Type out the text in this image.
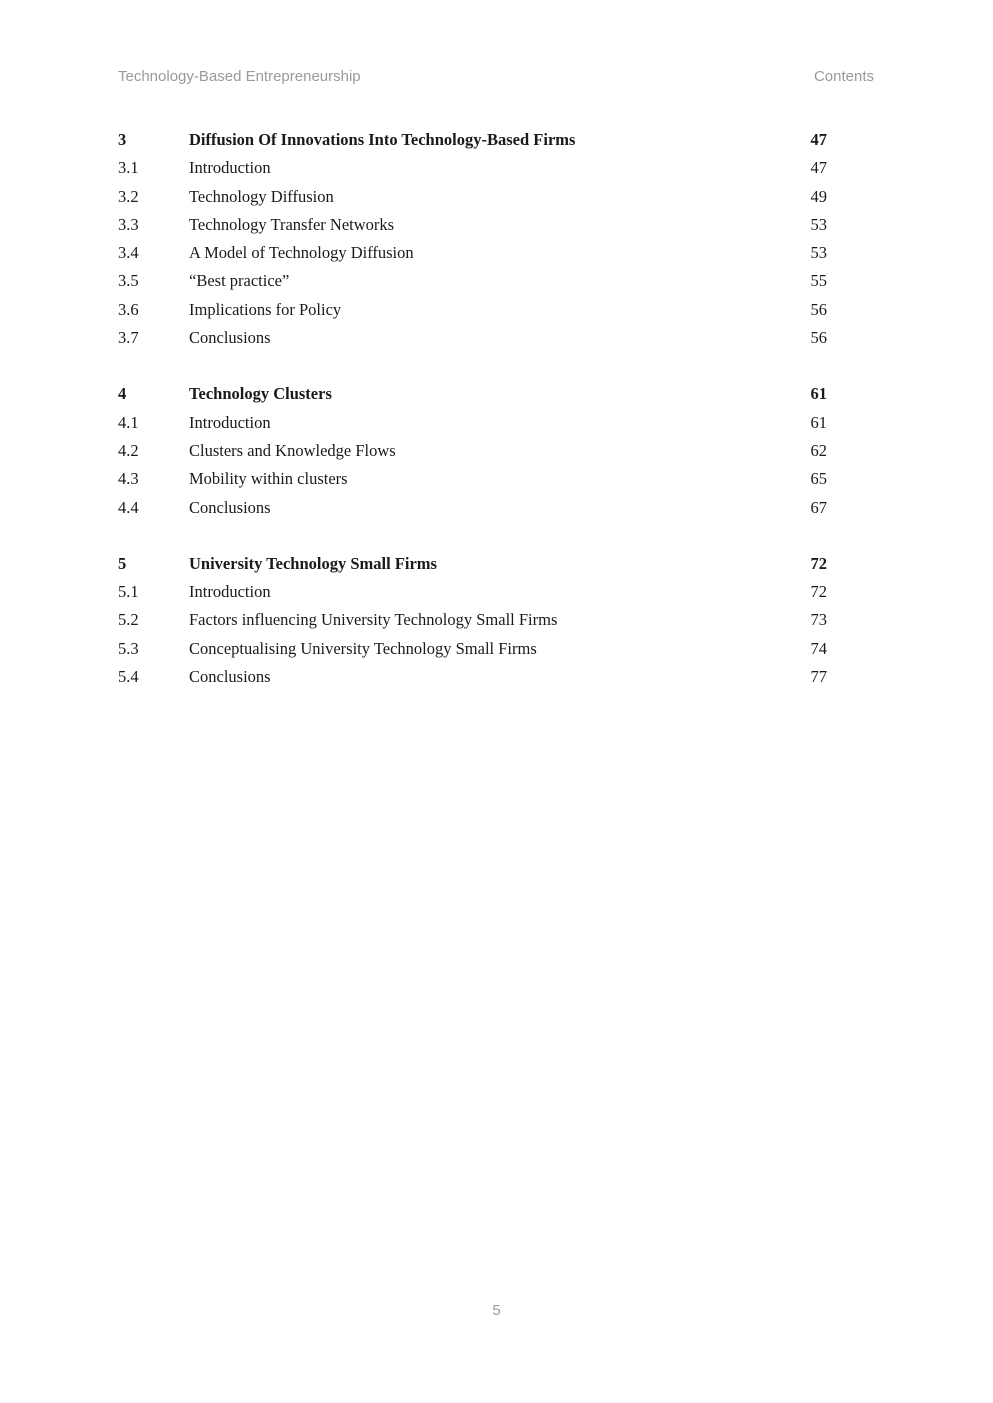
Technology-Based Entrepreneurship	Contents
3	Diffusion Of Innovations Into Technology-Based Firms	47
3.1	Introduction	47
3.2	Technology Diffusion	49
3.3	Technology Transfer Networks	53
3.4	A Model of Technology Diffusion	53
3.5	“Best practice”	55
3.6	Implications for Policy	56
3.7	Conclusions	56
4	Technology Clusters	61
4.1	Introduction	61
4.2	Clusters and Knowledge Flows	62
4.3	Mobility within clusters	65
4.4	Conclusions	67
5	University Technology Small Firms	72
5.1	Introduction	72
5.2	Factors influencing University Technology Small Firms	73
5.3	Conceptualising University Technology Small Firms	74
5.4	Conclusions	77
5
